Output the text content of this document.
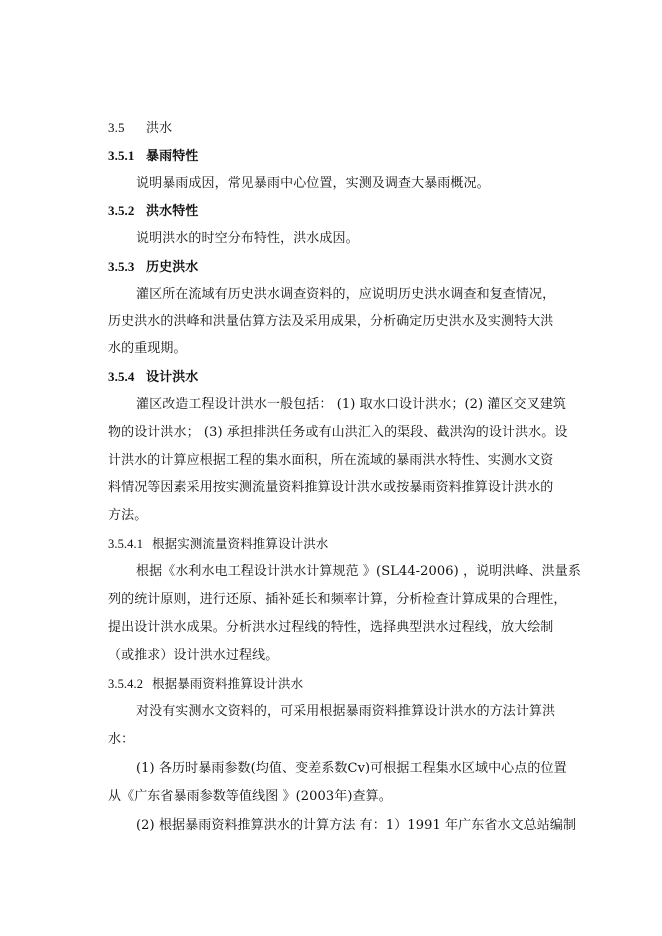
3.5 洪水
3.5.1 暴雨特性
说明暴雨成因，常见暴雨中心位置，实测及调查大暴雨概况。
3.5.2 洪水特性
说明洪水的时空分布特性，洪水成因。
3.5.3 历史洪水
灌区所在流域有历史洪水调查资料的，应说明历史洪水调查和复查情况，
历史洪水的洪峰和洪量估算方法及采用成果，分析确定历史洪水及实测特大洪
水的重现期。
3.5.4 设计洪水
灌区改造工程设计洪水一般包括： (1) 取水口设计洪水；(2) 灌区交叉建筑
物的设计洪水； (3) 承担排洪任务或有山洪汇入的渠段、截洪沟的设计洪水。设
计洪水的计算应根据工程的集水面积，所在流域的暴雨洪水特性、实测水文资
料情况等因素采用按实测流量资料推算设计洪水或按暴雨资料推算设计洪水的
方法。
3.5.4.1 根据实测流量资料推算设计洪水
根据《水利水电工程设计洪水计算规范 》(SL44-2006) ，说明洪峰、洪量系
列的统计原则，进行还原、插补延长和频率计算，分析检查计算成果的合理性，
提出设计洪水成果。分析洪水过程线的特性，选择典型洪水过程线，放大绘制
（或推求）设计洪水过程线。
3.5.4.2 根据暴雨资料推算设计洪水
对没有实测水文资料的，可采用根据暴雨资料推算设计洪水的方法计算洪
水：
(1) 各历时暴雨参数(均值、变差系数Cv)可根据工程集水区域中心点的位置
从《广东省暴雨参数等值线图 》(2003年)查算。
(2) 根据暴雨资料推算洪水的计算方法 有：1）1991 年广东省水文总站编制
